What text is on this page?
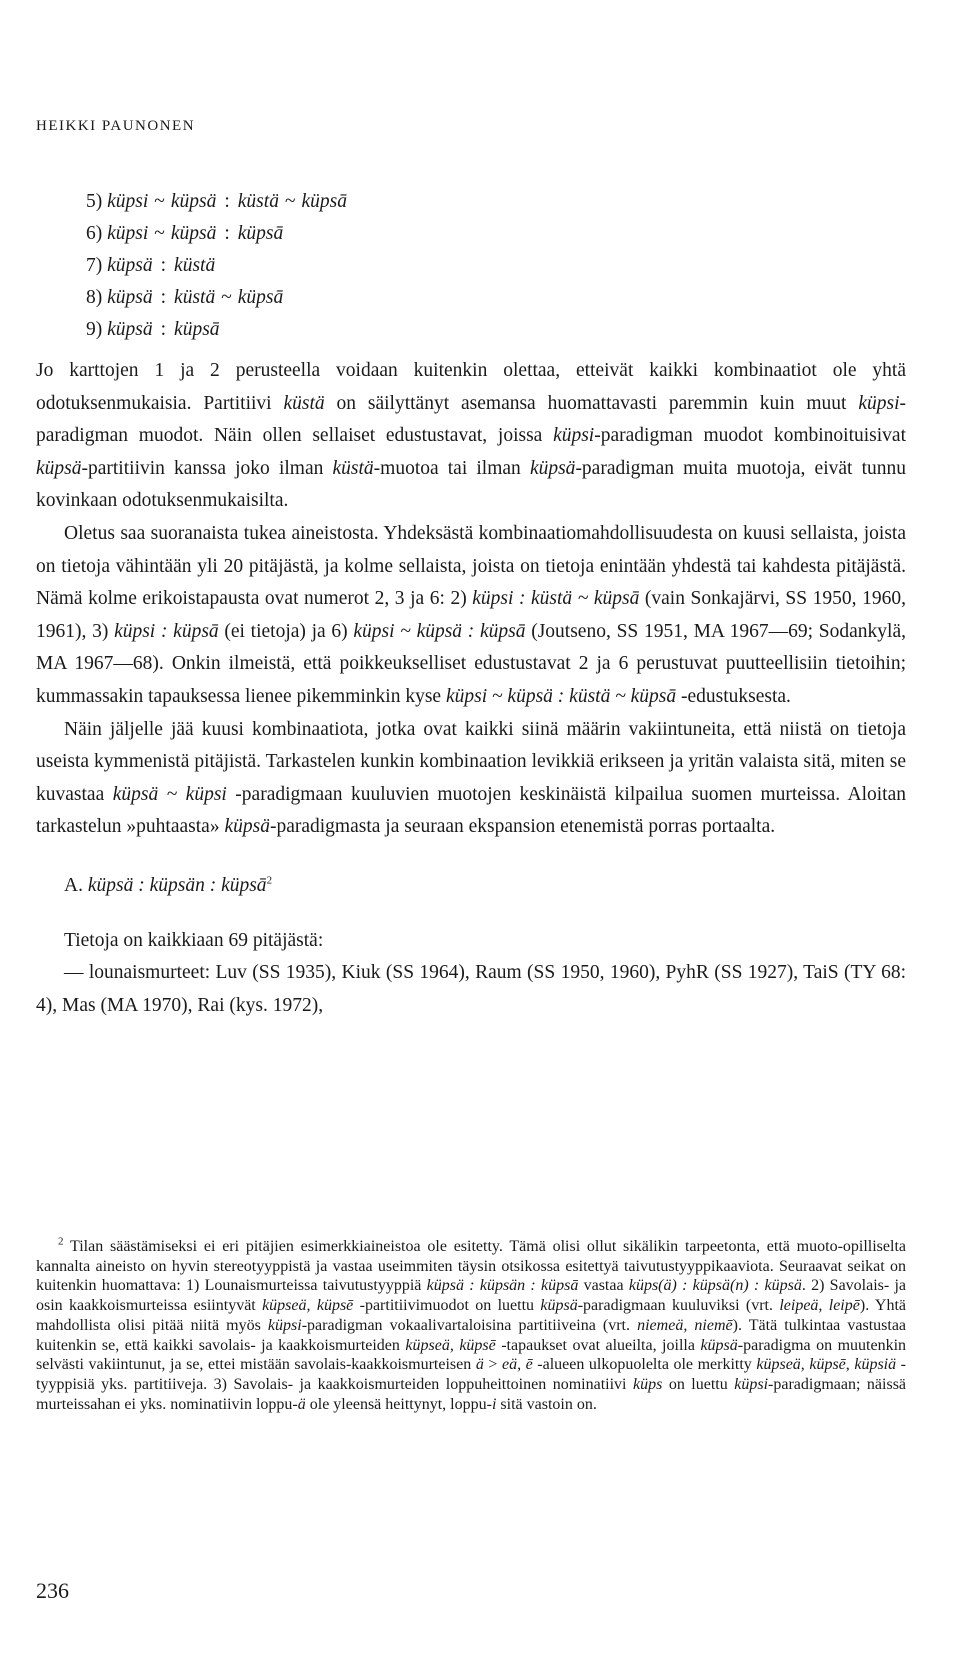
HEIKKI PAUNONEN
5) küpsi ~ küpsä : küstä ~ küpsā
6) küpsi ~ küpsä : küpsā
7) küpsä : küstä
8) küpsä : küstä ~ küpsā
9) küpsä : küpsā

Jo karttojen 1 ja 2 perusteella voidaan kuitenkin olettaa, etteivät kaikki kombinaatiot ole yhtä odotuksenmukaisia. Partitiivi küstä on säilyttänyt asemansa huomattavasti paremmin kuin muut küpsi-paradigman muodot. Näin ollen sellaiset edustustavat, joissa küpsi-paradigman muodot kombinoituisivat küpsä-partitiivin kanssa joko ilman küstä-muotoa tai ilman küpsä-paradigman muita muotoja, eivät tunnu kovinkaan odotuksenmukaisilta.

Oletus saa suoranaista tukea aineistosta. Yhdeksästä kombinaatiomahdollisuudesta on kuusi sellaista, joista on tietoja vähintään yli 20 pitäjästä, ja kolme sellaista, joista on tietoja enintään yhdestä tai kahdesta pitäjästä. Nämä kolme erikoistapausta ovat numerot 2, 3 ja 6: 2) küpsi : küstä ~ küpsā (vain Sonkajärvi, SS 1950, 1960, 1961), 3) küpsi : küpsā (ei tietoja) ja 6) küpsi ~ küpsä : küpsā (Joutseno, SS 1951, MA 1967—69; Sodankylä, MA 1967—68). Onkin ilmeistä, että poikkeukselliset edustustavat 2 ja 6 perustuvat puutteellisiin tietoihin; kummassakin tapauksessa lienee pikemminkin kyse küpsi ~ küpsä : küstä ~ küpsā -edustuksesta.

Näin jäljelle jää kuusi kombinaatiota, jotka ovat kaikki siinä määrin vakiintuneita, että niistä on tietoja useista kymmenistä pitäjistä. Tarkastelen kunkin kombinaation levikkiä erikseen ja yritän valaista sitä, miten se kuvastaa küpsä ~ küpsi -paradigmaan kuuluvien muotojen keskinäistä kilpailua suomen murteissa. Aloitan tarkastelun »puhtaasta» küpsä-paradigmasta ja seuraan ekspansion etenemistä porras portaalta.

A. küpsä : küpsän : küpsā$^2$

Tietoja on kaikkiaan 69 pitäjästä:

— lounaismurteet: Luv (SS 1935), Kiuk (SS 1964), Raum (SS 1950, 1960), PyhR (SS 1927), TaiS (TY 68: 4), Mas (MA 1970), Rai (kys. 1972),

$^2$ Tilan säästämiseksi ei eri pitäjien esimerkkiaineistoa ole esitetty. Tämä olisi ollut sikälikin tarpeetonta, että muoto-opilliselta kannalta aineisto on hyvin stereotyyppistä ja vastaa useimmiten täysin otsikossa esitettyä taivutustyyppikaaviota. Seuraavat seikat on kuitenkin huomattava: 1) Lounaismurteissa taivutustyyppiä küpsä : küpsän : küpsā vastaa küps(ä) : küpsä(n) : küpsä. 2) Savolais- ja osin kaakkoismurteissa esiintyvät küpseä, küpsē -partitiivimuodot on luettu küpsä-paradigmaan kuuluviksi (vrt. leipeä, leipē). Yhtä mahdollista olisi pitää niitä myös küpsi-paradigman vokaalivartaloisina partitiiveina (vrt. niemeä, niemē). Tätä tulkintaa vastustaa kuitenkin se, että kaikki savolais- ja kaakkoismurteiden küpseä, küpsē -tapaukset ovat alueilta, joilla küpsä-paradigma on muutenkin selvästi vakiintunut, ja se, ettei mistään savolais-kaakkoismurteisen ä > eä, ē -alueen ulkopuolelta ole merkitty küpseä, küpsē, küpsiä -tyyppisiä yks. partitiiveja. 3) Savolais- ja kaakkoismurteiden loppuheittoinen nominatiivi küps on luettu küpsi-paradigmaan; näissä murteissahan ei yks. nominatiivin loppu-ä ole yleensä heittynyt, loppu-i sitä vastoin on.

236
